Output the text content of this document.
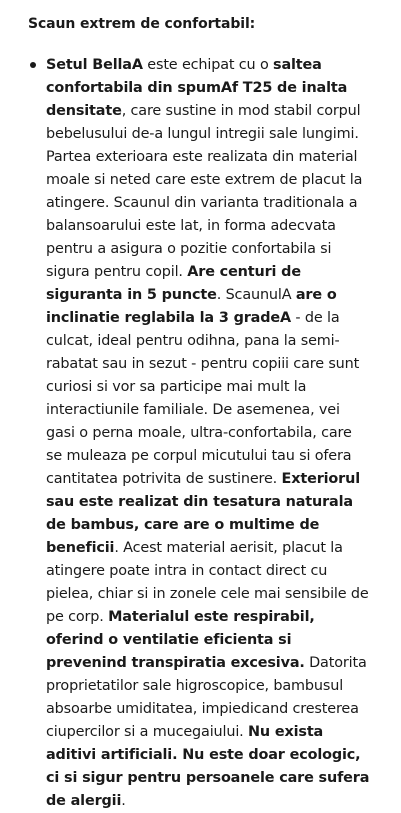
Scaun extrem de confortabil:

Setul BellaA este echipat cu o saltea confortabila din spumAf T25 de inalta densitate, care sustine in mod stabil corpul bebelusului de-a lungul intregii sale lungimi. Partea exterioara este realizata din material moale si neted care este extrem de placut la atingere. Scaunul din varianta traditionala a balansoarului este lat, in forma adecvata pentru a asigura o pozitie confortabila si sigura pentru copil. Are centuri de siguranta in 5 puncte. ScaunulA are o inclinatie reglabila la 3 gradeA - de la culcat, ideal pentru odihna, pana la semi-rabatat sau in sezut - pentru copiii care sunt curiosi si vor sa participe mai mult la interactiunile familiale. De asemenea, vei gasi o perna moale, ultra-confortabila, care se muleaza pe corpul micutului tau si ofera cantitatea potrivita de sustinere. Exteriorul sau este realizat din tesatura naturala de bambus, care are o multime de beneficii. Acest material aerisit, placut la atingere poate intra in contact direct cu pielea, chiar si in zonele cele mai sensibile de pe corp. Materialul este respirabil, oferind o ventilatie eficienta si prevenind transpiratia excesiva. Datorita proprietatilor sale higroscopice, bambusul absoarbe umiditatea, impiedicand cresterea ciupercilor si a mucegaiului. Nu exista aditivi artificiali. Nu este doar ecologic, ci si sigur pentru persoanele care sufera de alergii.
